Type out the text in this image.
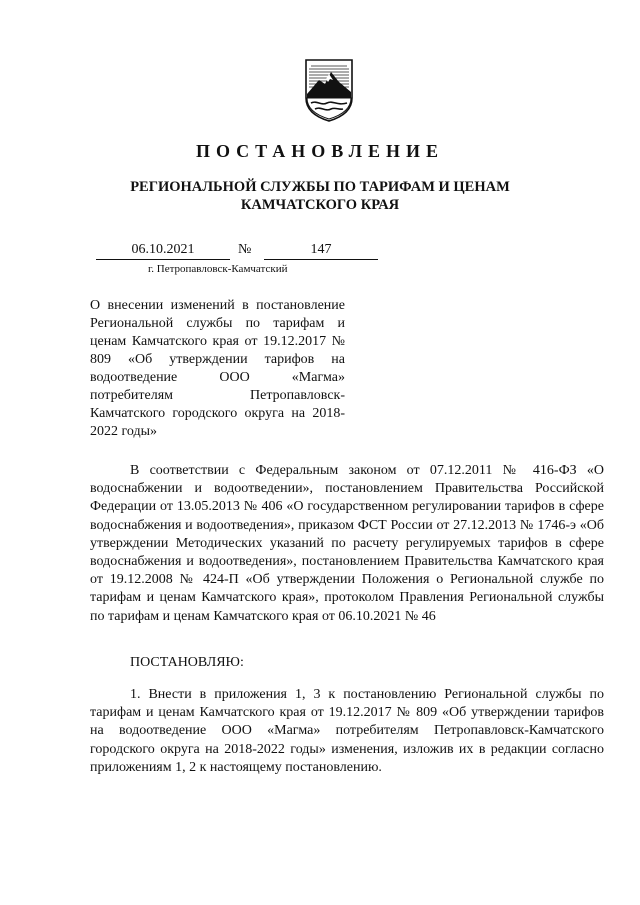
ПОСТАНОВЛЕНИЕ
РЕГИОНАЛЬНОЙ СЛУЖБЫ ПО ТАРИФАМ И ЦЕНАМ
КАМЧАТСКОГО КРАЯ
06.10.2021	№	147
г. Петропавловск-Камчатский
О внесении изменений в постановление Региональной службы по тарифам и ценам Камчатского края от 19.12.2017 № 809 «Об утверждении тарифов на водоотведение ООО «Магма» потребителям Петропавловск-Камчатского городского округа на 2018-2022 годы»
В соответствии с Федеральным законом от 07.12.2011 № 416-ФЗ «О водоснабжении и водоотведении», постановлением Правительства Российской Федерации от 13.05.2013 № 406 «О государственном регулировании тарифов в сфере водоснабжения и водоотведения», приказом ФСТ России от 27.12.2013 № 1746-э «Об утверждении Методических указаний по расчету регулируемых тарифов в сфере водоснабжения и водоотведения», постановлением Правительства Камчатского края от 19.12.2008 № 424-П «Об утверждении Положения о Региональной службе по тарифам и ценам Камчатского края», протоколом Правления Региональной службы по тарифам и ценам Камчатского края от 06.10.2021 № 46
ПОСТАНОВЛЯЮ:
1. Внести в приложения 1, 3 к постановлению Региональной службы по тарифам и ценам Камчатского края от 19.12.2017 № 809 «Об утверждении тарифов на водоотведение ООО «Магма» потребителям Петропавловск-Камчатского городского округа на 2018-2022 годы» изменения, изложив их в редакции согласно приложениям 1, 2 к настоящему постановлению.
